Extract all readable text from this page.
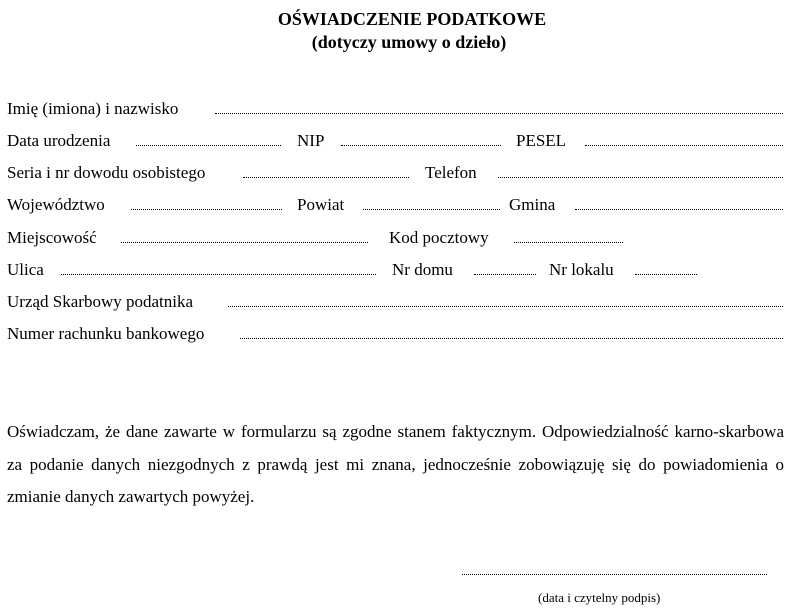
OŚWIADCZENIE PODATKOWE
(dotyczy umowy o dzieło)
Imię (imiona) i nazwisko
Data urodzenia	NIP	PESEL
Seria i nr dowodu osobistego	Telefon
Województwo	Powiat	Gmina
Miejscowość	Kod pocztowy
Ulica	Nr domu	Nr lokalu
Urząd Skarbowy podatnika
Numer rachunku bankowego

Oświadczam, że dane zawarte w formularzu są zgodne stanem faktycznym. Odpowiedzialność karno-skarbowa za podanie danych niezgodnych z prawdą jest mi znana, jednocześnie zobowiązuję się do powiadomienia o zmianie danych zawartych powyżej.

(data i czytelny podpis)
